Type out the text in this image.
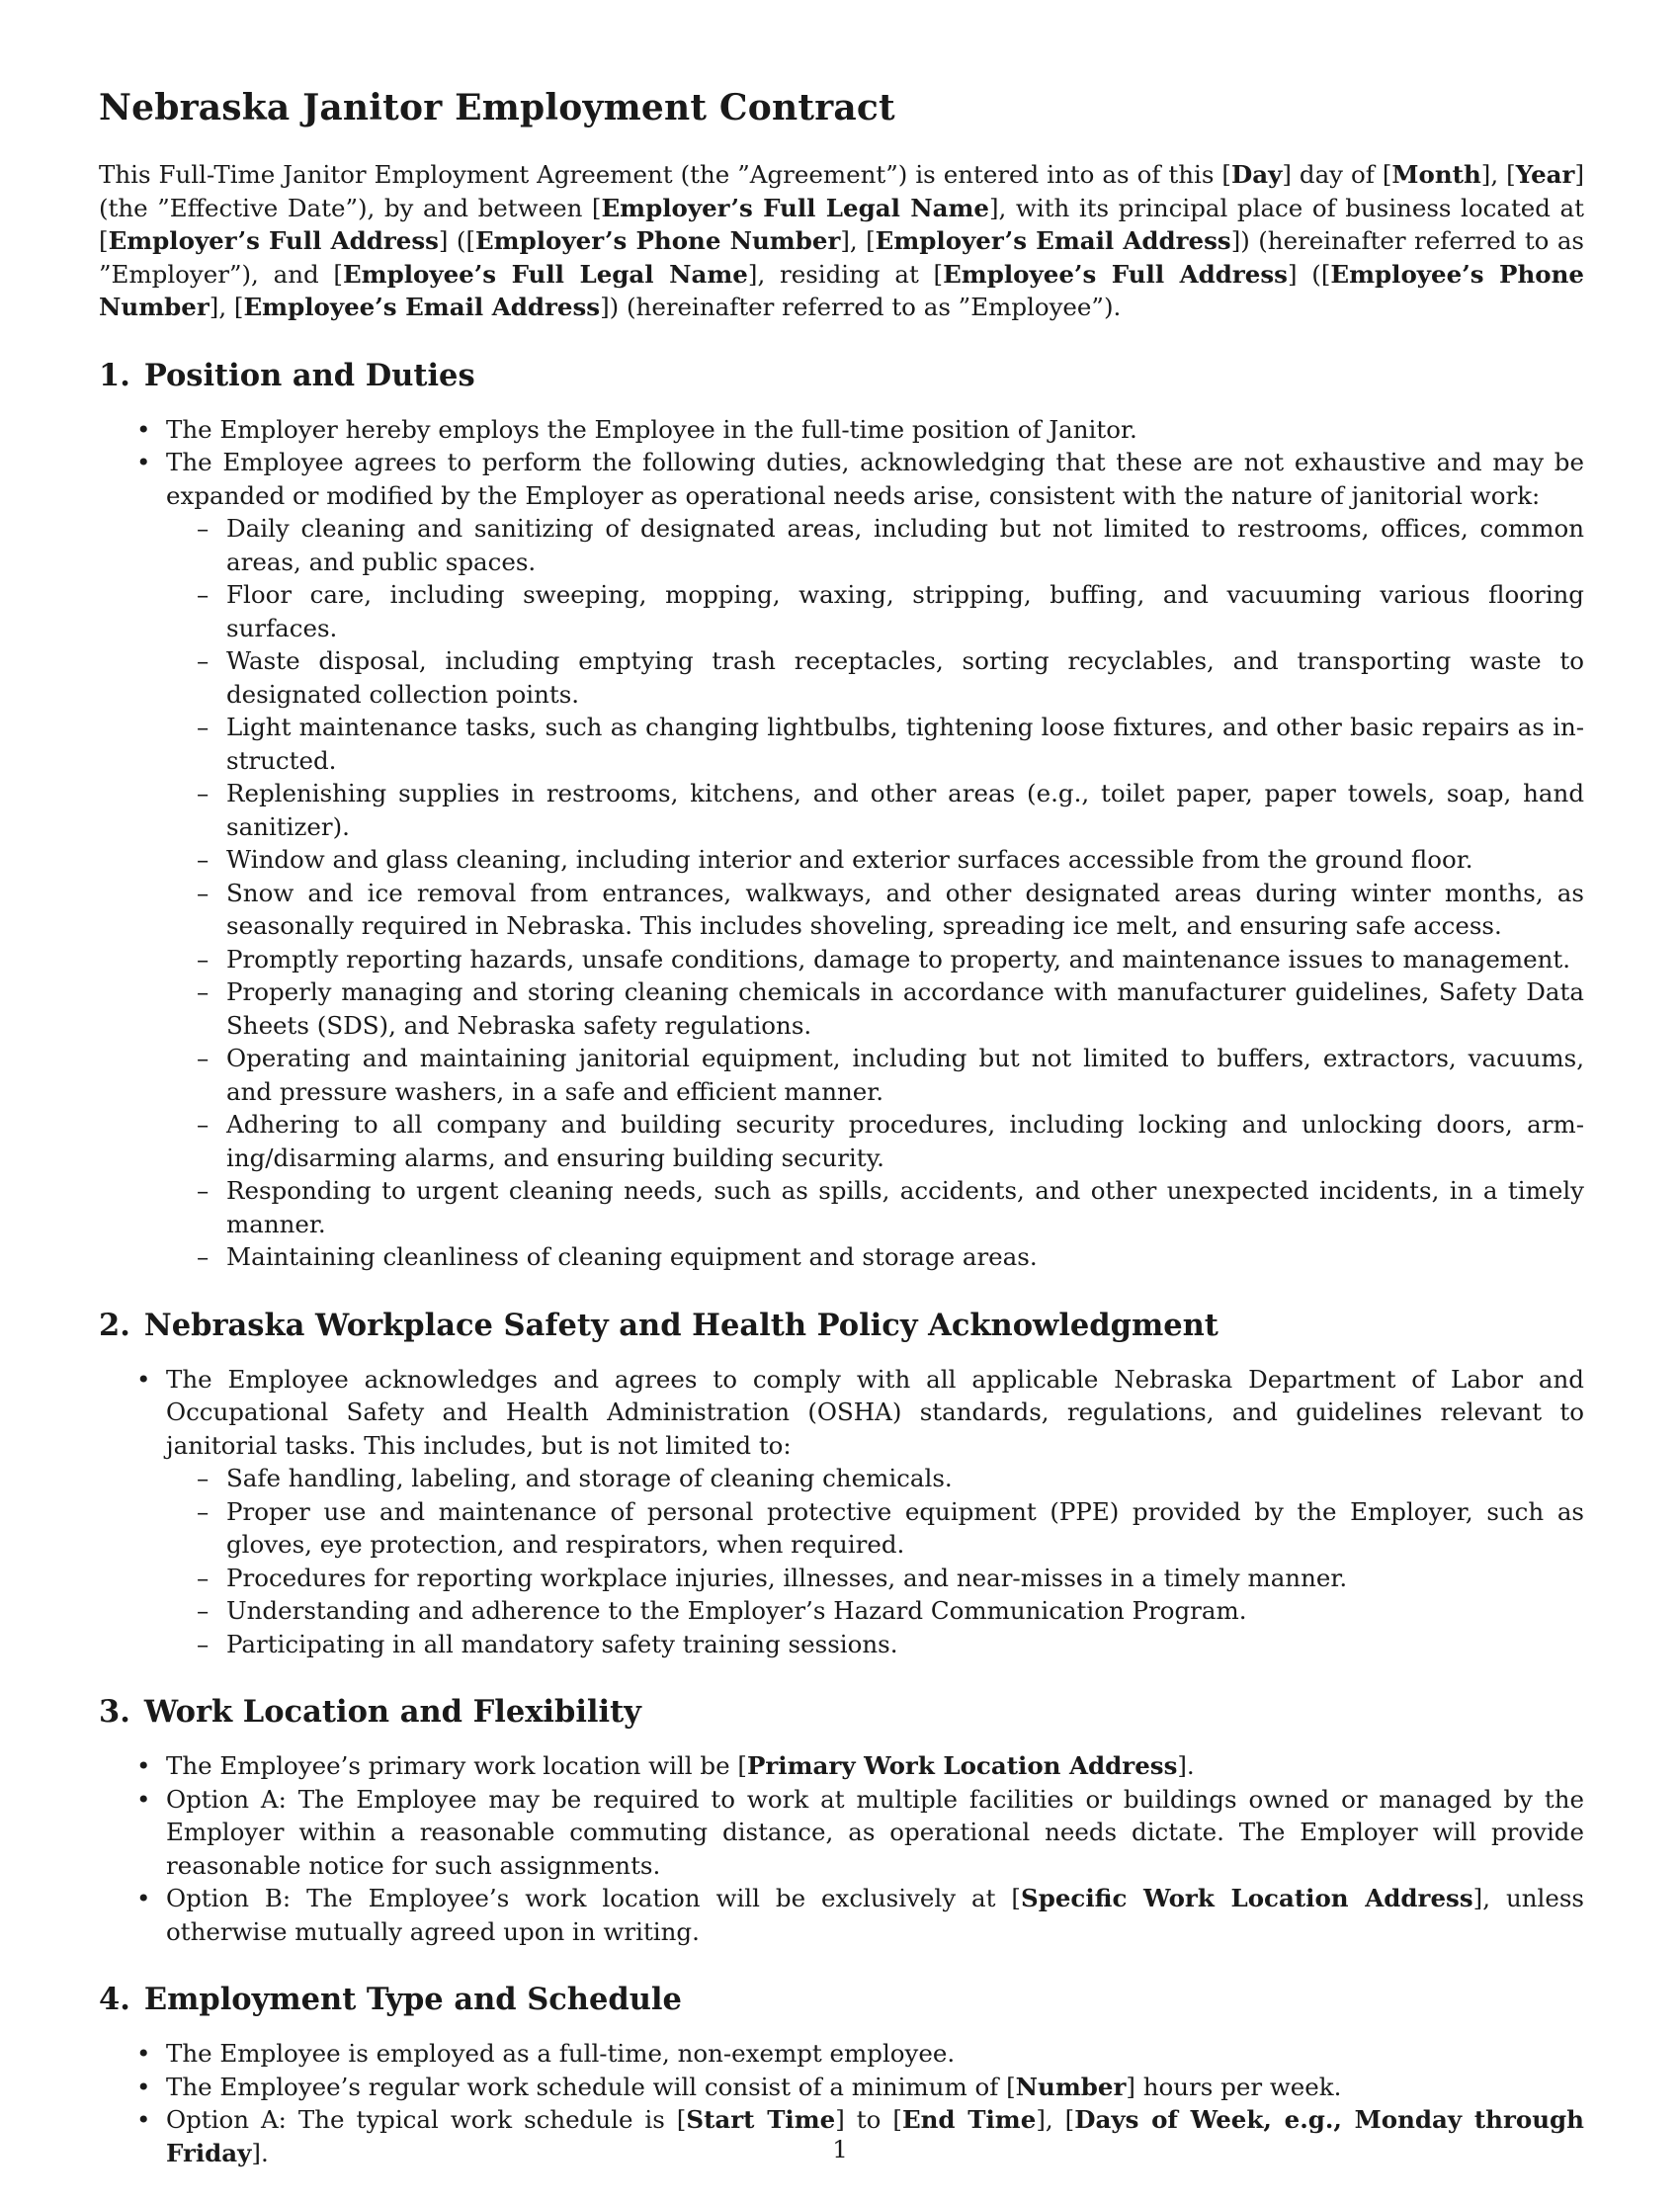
Nebraska Janitor Employment Contract

This Full-Time Janitor Employment Agreement (the ”Agreement”) is entered into as of this [Day] day of [Month], [Year] (the ”Effective Date”), by and between [Employer’s Full Legal Name], with its principal place of business located at [Employer’s Full Address] ([Employer’s Phone Number], [Employer’s Email Address]) (hereinafter referred to as ”Employer”), and [Employee’s Full Legal Name], residing at [Employee’s Full Address] ([Employee’s Phone Number], [Employee’s Email Address]) (hereinafter referred to as ”Employee”).

1. Position and Duties
• The Employer hereby employs the Employee in the full-time position of Janitor.
• The Employee agrees to perform the following duties, acknowledging that these are not exhaustive and may be expanded or modified by the Employer as operational needs arise, consistent with the nature of janitorial work:
– Daily cleaning and sanitizing of designated areas, including but not limited to restrooms, offices, common areas, and public spaces.
– Floor care, including sweeping, mopping, waxing, stripping, buffing, and vacuuming various flooring surfaces.
– Waste disposal, including emptying trash receptacles, sorting recyclables, and transporting waste to designated collection points.
– Light maintenance tasks, such as changing lightbulbs, tightening loose fixtures, and other basic repairs as in-structed.
– Replenishing supplies in restrooms, kitchens, and other areas (e.g., toilet paper, paper towels, soap, hand sanitizer).
– Window and glass cleaning, including interior and exterior surfaces accessible from the ground floor.
– Snow and ice removal from entrances, walkways, and other designated areas during winter months, as seasonally required in Nebraska. This includes shoveling, spreading ice melt, and ensuring safe access.
– Promptly reporting hazards, unsafe conditions, damage to property, and maintenance issues to management.
– Properly managing and storing cleaning chemicals in accordance with manufacturer guidelines, Safety Data Sheets (SDS), and Nebraska safety regulations.
– Operating and maintaining janitorial equipment, including but not limited to buffers, extractors, vacuums, and pressure washers, in a safe and efficient manner.
– Adhering to all company and building security procedures, including locking and unlocking doors, arm-ing/disarming alarms, and ensuring building security.
– Responding to urgent cleaning needs, such as spills, accidents, and other unexpected incidents, in a timely manner.
– Maintaining cleanliness of cleaning equipment and storage areas.
2. Nebraska Workplace Safety and Health Policy Acknowledgment
• The Employee acknowledges and agrees to comply with all applicable Nebraska Department of Labor and Occupational Safety and Health Administration (OSHA) standards, regulations, and guidelines relevant to janitorial tasks. This includes, but is not limited to:
– Safe handling, labeling, and storage of cleaning chemicals.
– Proper use and maintenance of personal protective equipment (PPE) provided by the Employer, such as gloves, eye protection, and respirators, when required.
– Procedures for reporting workplace injuries, illnesses, and near-misses in a timely manner.
– Understanding and adherence to the Employer’s Hazard Communication Program.
– Participating in all mandatory safety training sessions.
3. Work Location and Flexibility
• The Employee’s primary work location will be [Primary Work Location Address].
• Option A: The Employee may be required to work at multiple facilities or buildings owned or managed by the Employer within a reasonable commuting distance, as operational needs dictate. The Employer will provide reasonable notice for such assignments.
• Option B: The Employee’s work location will be exclusively at [Specific Work Location Address], unless otherwise mutually agreed upon in writing.
4. Employment Type and Schedule
• The Employee is employed as a full-time, non-exempt employee.
• The Employee’s regular work schedule will consist of a minimum of [Number] hours per week.
• Option A: The typical work schedule is [Start Time] to [End Time], [Days of Week, e.g., Monday through Friday].	1
